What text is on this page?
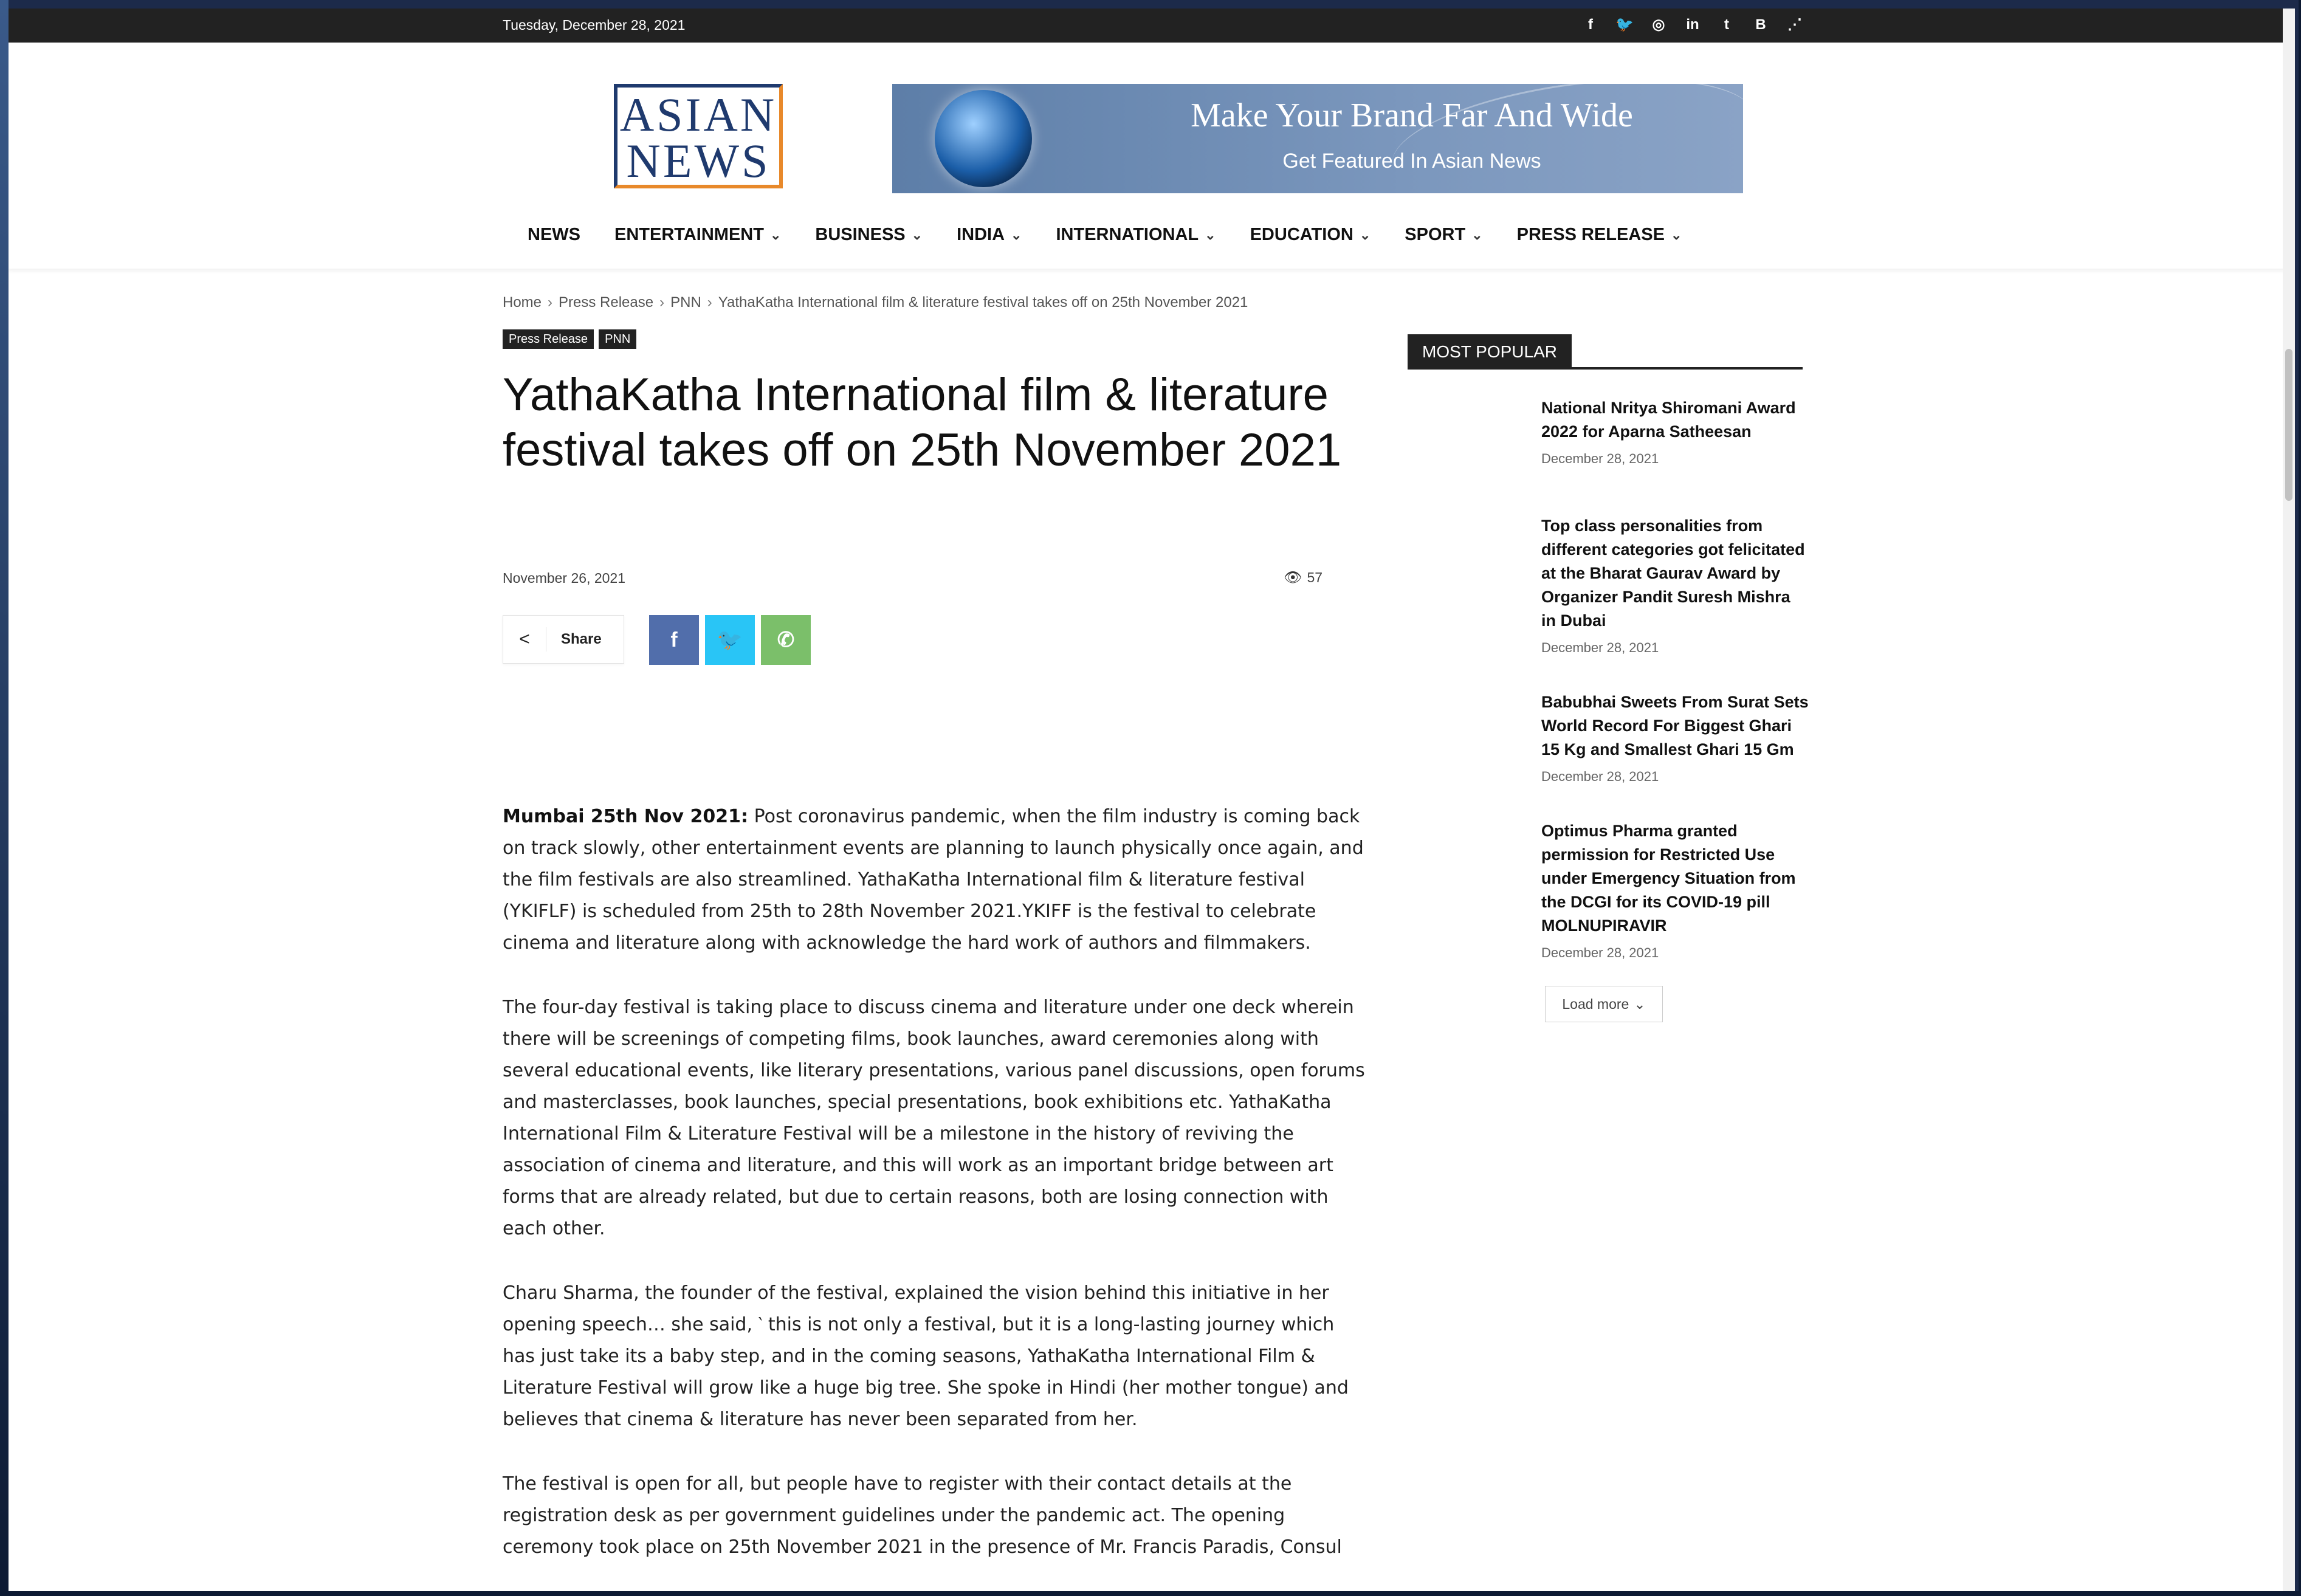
Tuesday, December 28, 2021	f	🐦 ◎ in	t	B	⋰
ASIAN
NEWS
Make Your Brand Far And Wide
Get Featured In Asian News
NEWS ENTERTAINMENT ⌄ BUSINESS ⌄ INDIA ⌄ INTERNATIONAL ⌄ EDUCATION ⌄ SPORT ⌄ PRESS RELEASE ⌄
Home › Press Release › PNN › YathaKatha International film & literature festival takes off on 25th November 2021
Press Release	PNN
YathaKatha International film & literature festival takes off on 25th November 2021
November 26, 2021	👁 57
<	Share	f 🐦 ✆

Mumbai 25th Nov 2021: Post coronavirus pandemic, when the film industry is coming back on track slowly, other entertainment events are planning to launch physically once again, and the film festivals are also streamlined. YathaKatha International film & literature festival (YKIFLF) is scheduled from 25th to 28th November 2021.YKIFF is the festival to celebrate cinema and literature along with acknowledge the hard work of authors and filmmakers.

The four-day festival is taking place to discuss cinema and literature under one deck wherein there will be screenings of competing films, book launches, award ceremonies along with several educational events, like literary presentations, various panel discussions, open forums and masterclasses, book launches, special presentations, book exhibitions etc. YathaKatha International Film & Literature Festival will be a milestone in the history of reviving the association of cinema and literature, and this will work as an important bridge between art forms that are already related, but due to certain reasons, both are losing connection with each other.

Charu Sharma, the founder of the festival, explained the vision behind this initiative in her opening speech… she said, ‵ this is not only a festival, but it is a long-lasting journey which has just take its a baby step, and in the coming seasons, YathaKatha International Film & Literature Festival will grow like a huge big tree. She spoke in Hindi (her mother tongue) and believes that cinema & literature has never been separated from her.

The festival is open for all, but people have to register with their contact details at the registration desk as per government guidelines under the pandemic act. The opening ceremony took place on 25th November 2021 in the presence of Mr. Francis Paradis, Consul

MOST POPULAR
National Nritya Shiromani Award 2022 for Aparna Satheesan
December 28, 2021
Top class personalities from different categories got felicitated at the Bharat Gaurav Award by Organizer Pandit Suresh Mishra in Dubai
December 28, 2021
Babubhai Sweets From Surat Sets World Record For Biggest Ghari 15 Kg and Smallest Ghari 15 Gm
December 28, 2021
Optimus Pharma granted permission for Restricted Use under Emergency Situation from the DCGI for its COVID-19 pill MOLNUPIRAVIR
December 28, 2021
Load more ⌄
